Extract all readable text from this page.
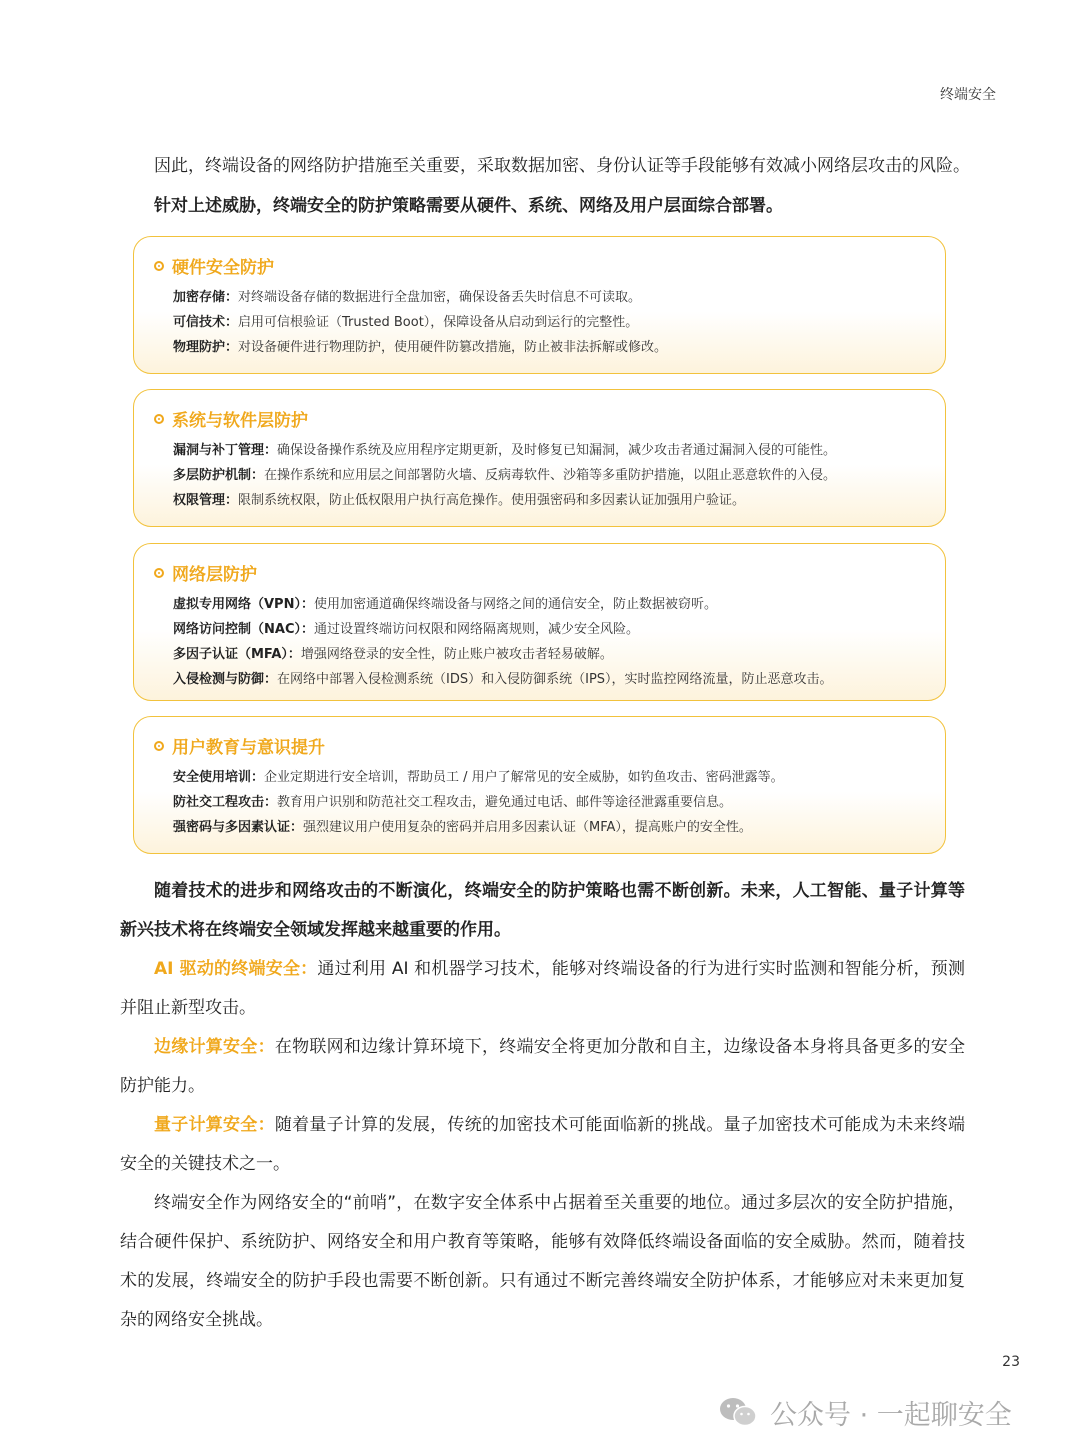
终端安全
因此，终端设备的网络防护措施至关重要，采取数据加密、身份认证等手段能够有效减小网络层攻击的风险。
针对上述威胁，终端安全的防护策略需要从硬件、系统、网络及用户层面综合部署。
硬件安全防护
加密存储：对终端设备存储的数据进行全盘加密，确保设备丢失时信息不可读取。
可信技术：启用可信根验证（Trusted Boot），保障设备从启动到运行的完整性。
物理防护：对设备硬件进行物理防护，使用硬件防篡改措施，防止被非法拆解或修改。
系统与软件层防护
漏洞与补丁管理：确保设备操作系统及应用程序定期更新，及时修复已知漏洞，减少攻击者通过漏洞入侵的可能性。
多层防护机制：在操作系统和应用层之间部署防火墙、反病毒软件、沙箱等多重防护措施，以阻止恶意软件的入侵。
权限管理：限制系统权限，防止低权限用户执行高危操作。使用强密码和多因素认证加强用户验证。
网络层防护
虚拟专用网络（VPN）：使用加密通道确保终端设备与网络之间的通信安全，防止数据被窃听。
网络访问控制（NAC）：通过设置终端访问权限和网络隔离规则，减少安全风险。
多因子认证（MFA）：增强网络登录的安全性，防止账户被攻击者轻易破解。
入侵检测与防御：在网络中部署入侵检测系统（IDS）和入侵防御系统（IPS），实时监控网络流量，防止恶意攻击。
用户教育与意识提升
安全使用培训：企业定期进行安全培训，帮助员工 / 用户了解常见的安全威胁，如钓鱼攻击、密码泄露等。
防社交工程攻击：教育用户识别和防范社交工程攻击，避免通过电话、邮件等途径泄露重要信息。
强密码与多因素认证：强烈建议用户使用复杂的密码并启用多因素认证（MFA），提高账户的安全性。
随着技术的进步和网络攻击的不断演化，终端安全的防护策略也需不断创新。未来，人工智能、量子计算等新兴技术将在终端安全领域发挥越来越重要的作用。
AI 驱动的终端安全：通过利用 AI 和机器学习技术，能够对终端设备的行为进行实时监测和智能分析，预测并阻止新型攻击。
边缘计算安全：在物联网和边缘计算环境下，终端安全将更加分散和自主，边缘设备本身将具备更多的安全防护能力。
量子计算安全：随着量子计算的发展，传统的加密技术可能面临新的挑战。量子加密技术可能成为未来终端安全的关键技术之一。
终端安全作为网络安全的“前哨”，在数字安全体系中占据着至关重要的地位。通过多层次的安全防护措施，结合硬件保护、系统防护、网络安全和用户教育等策略，能够有效降低终端设备面临的安全威胁。然而，随着技术的发展，终端安全的防护手段也需要不断创新。只有通过不断完善终端安全防护体系，才能够应对未来更加复杂的网络安全挑战。
23
公众号 · 一起聊安全
